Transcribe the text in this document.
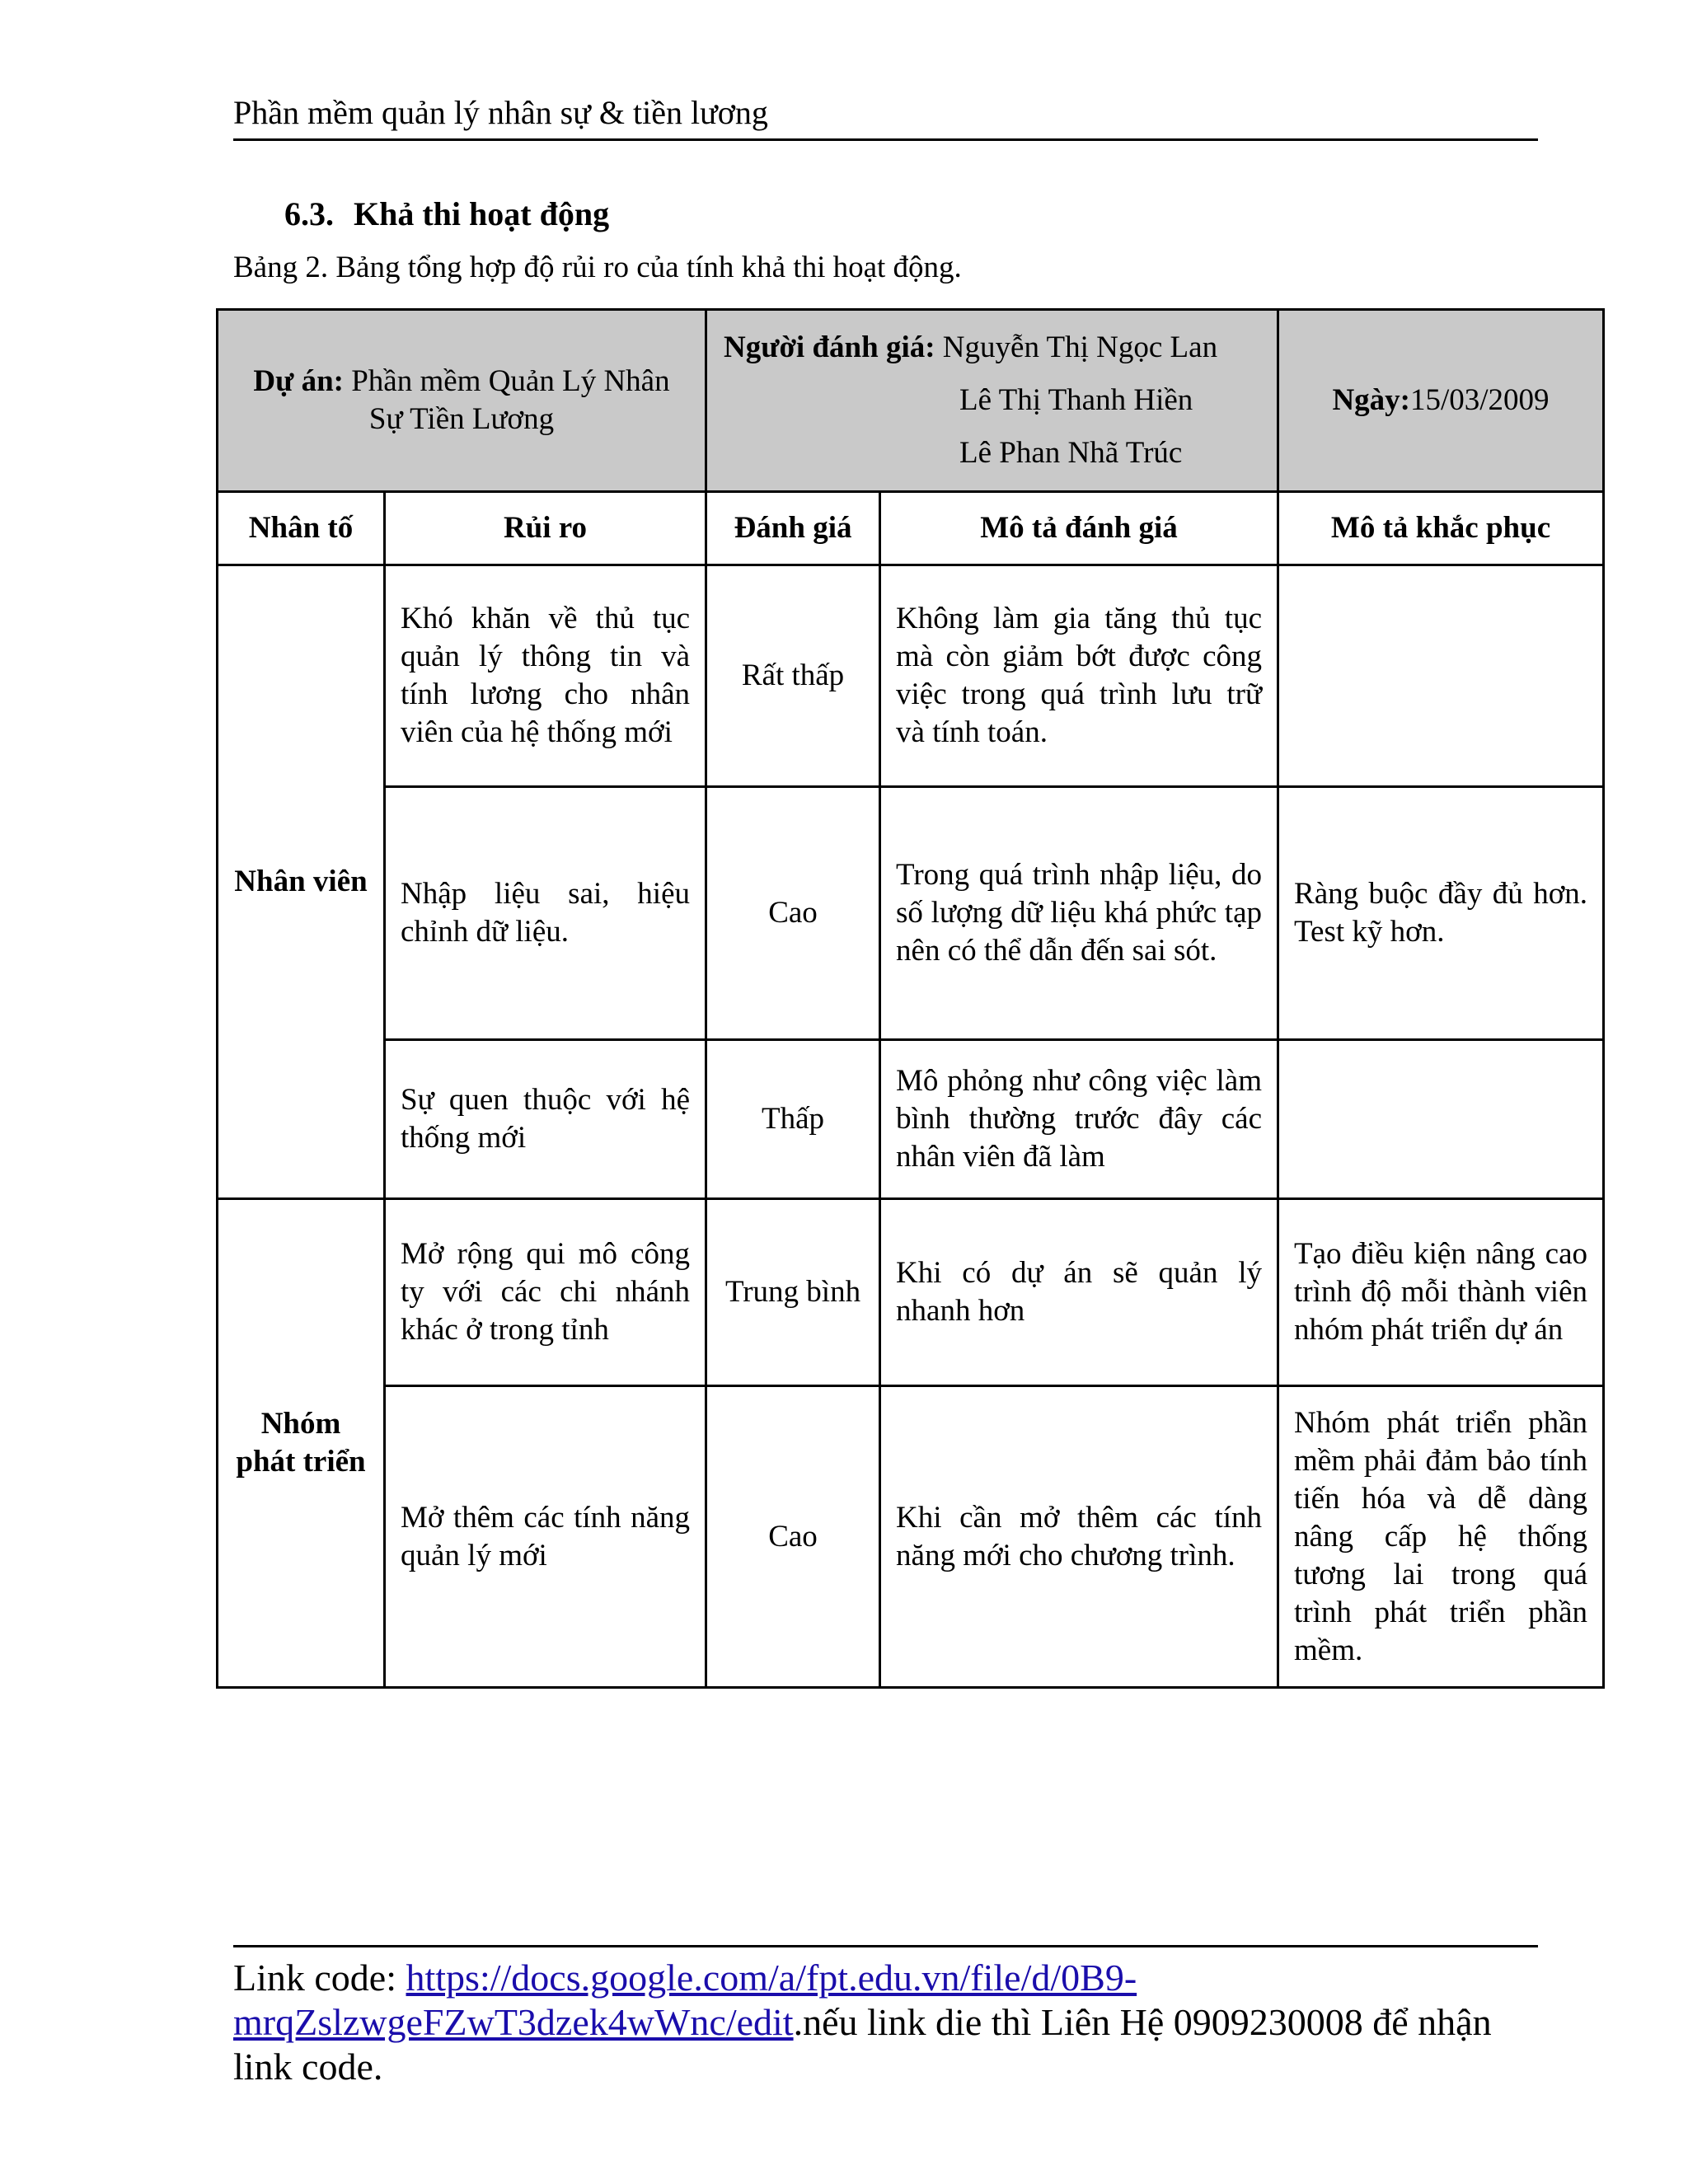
Phần mềm quản lý nhân sự & tiền lương
6.3. Khả thi hoạt động
Bảng 2. Bảng tổng hợp độ rủi ro của tính khả thi hoạt động.
Dự án: Phần mềm Quản Lý Nhân Sự Tiền Lương		Người đánh giá: Nguyễn Thị Ngọc Lan
Lê Thị Thanh Hiền
Lê Phan Nhã Trúc		Ngày:15/03/2009
Nhân tố	Rủi ro	Đánh giá	Mô tả đánh giá	Mô tả khắc phục
Nhân viên	Khó khăn về thủ tục quản lý thông tin và tính lương cho nhân viên của hệ thống mới	Rất thấp	Không làm gia tăng thủ tục mà còn giảm bớt được công việc trong quá trình lưu trữ và tính toán.	
	Nhập liệu sai, hiệu chỉnh dữ liệu.	Cao	Trong quá trình nhập liệu, do số lượng dữ liệu khá phức tạp nên có thể dẫn đến sai sót.	Ràng buộc đầy đủ hơn. Test kỹ hơn.
	Sự quen thuộc với hệ thống mới	Thấp	Mô phỏng như công việc làm bình thường trước đây các nhân viên đã làm	
Nhóm phát triển	Mở rộng qui mô công ty với các chi nhánh khác ở trong tỉnh	Trung bình	Khi có dự án sẽ quản lý nhanh hơn	Tạo điều kiện nâng cao trình độ mỗi thành viên nhóm phát triển dự án
	Mở thêm các tính năng quản lý mới	Cao	Khi cần mở thêm các tính năng mới cho chương trình.	Nhóm phát triển phần mềm phải đảm bảo tính tiến hóa và dễ dàng nâng cấp hệ thống tương lai trong quá trình phát triển phần mềm.

Link code: https://docs.google.com/a/fpt.edu.vn/file/d/0B9-mrqZslzwgeFZwT3dzek4wWnc/edit.nếu link die thì Liên Hệ 0909230008 để nhận link code.
